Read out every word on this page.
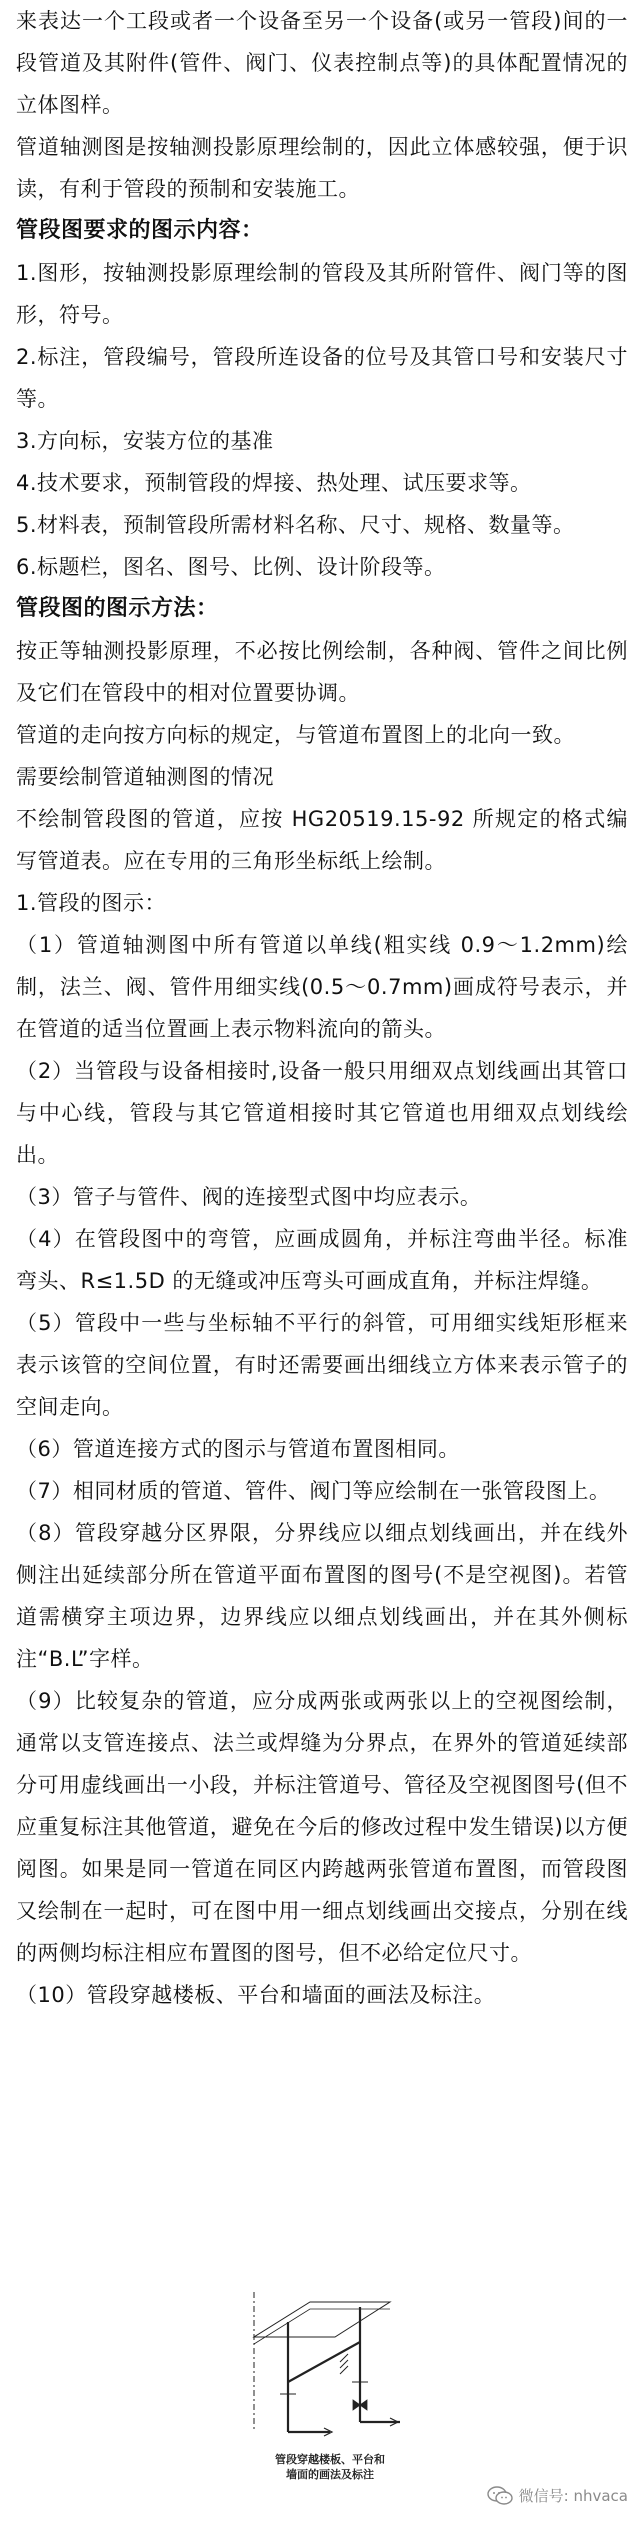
来表达一个工段或者一个设备至另一个设备(或另一管段)间的一段管道及其附件(管件、阀门、仪表控制点等)的具体配置情况的立体图样。

管道轴测图是按轴测投影原理绘制的，因此立体感较强，便于识读，有利于管段的预制和安装施工。

管段图要求的图示内容：

1.图形，按轴测投影原理绘制的管段及其所附管件、阀门等的图形，符号。

2.标注，管段编号，管段所连设备的位号及其管口号和安装尺寸等。

3.方向标，安装方位的基准

4.技术要求，预制管段的焊接、热处理、试压要求等。

5.材料表，预制管段所需材料名称、尺寸、规格、数量等。

6.标题栏，图名、图号、比例、设计阶段等。

管段图的图示方法：

按正等轴测投影原理，不必按比例绘制，各种阀、管件之间比例及它们在管段中的相对位置要协调。

管道的走向按方向标的规定，与管道布置图上的北向一致。

需要绘制管道轴测图的情况

不绘制管段图的管道，应按 HG20519.15-92 所规定的格式编写管道表。应在专用的三角形坐标纸上绘制。

1.管段的图示：

（1）管道轴测图中所有管道以单线(粗实线 0.9～1.2mm)绘制，法兰、阀、管件用细实线(0.5～0.7mm)画成符号表示，并在管道的适当位置画上表示物料流向的箭头。

（2）当管段与设备相接时,设备一般只用细双点划线画出其管口与中心线，管段与其它管道相接时其它管道也用细双点划线绘出。

（3）管子与管件、阀的连接型式图中均应表示。

（4）在管段图中的弯管，应画成圆角，并标注弯曲半径。标准弯头、R≤1.5D 的无缝或冲压弯头可画成直角，并标注焊缝。

（5）管段中一些与坐标轴不平行的斜管，可用细实线矩形框来表示该管的空间位置，有时还需要画出细线立方体来表示管子的空间走向。

（6）管道连接方式的图示与管道布置图相同。

（7）相同材质的管道、管件、阀门等应绘制在一张管段图上。

（8）管段穿越分区界限，分界线应以细点划线画出，并在线外侧注出延续部分所在管道平面布置图的图号(不是空视图)。若管道需横穿主项边界，边界线应以细点划线画出，并在其外侧标注“B.L”字样。

（9）比较复杂的管道，应分成两张或两张以上的空视图绘制，通常以支管连接点、法兰或焊缝为分界点，在界外的管道延续部分可用虚线画出一小段，并标注管道号、管径及空视图图号(但不应重复标注其他管道，避免在今后的修改过程中发生错误)以方便阅图。如果是同一管道在同区内跨越两张管道布置图，而管段图又绘制在一起时，可在图中用一细点划线画出交接点，分别在线的两侧均标注相应布置图的图号，但不必给定位尺寸。

（10）管段穿越楼板、平台和墙面的画法及标注。

管段穿越楼板、平台和
墙面的画法及标注
微信号: nhvaca
